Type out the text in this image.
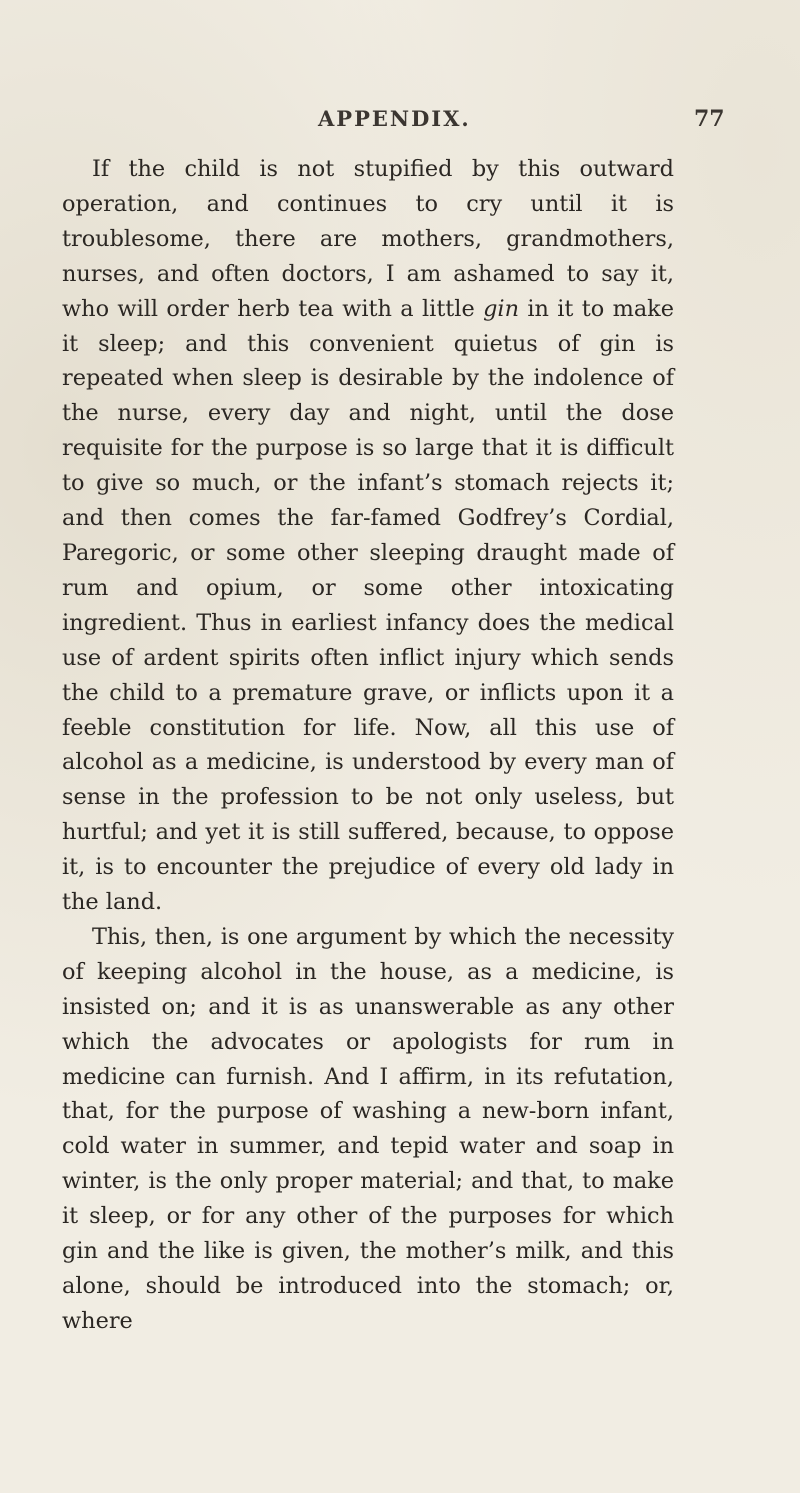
APPENDIX.	77

If the child is not stupified by this outward operation, and continues to cry until it is troublesome, there are mothers, grandmothers, nurses, and often doctors, I am ashamed to say it, who will order herb tea with a little gin in it to make it sleep; and this convenient quietus of gin is repeated when sleep is desirable by the indolence of the nurse, every day and night, until the dose requisite for the purpose is so large that it is difficult to give so much, or the infant’s stomach rejects it; and then comes the far-famed Godfrey’s Cordial, Paregoric, or some other sleeping draught made of rum and opium, or some other intoxicating ingredient. Thus in earliest infancy does the medical use of ardent spirits often inflict injury which sends the child to a premature grave, or inflicts upon it a feeble constitution for life. Now, all this use of alcohol as a medicine, is understood by every man of sense in the profession to be not only useless, but hurtful; and yet it is still suffered, because, to oppose it, is to encounter the prejudice of every old lady in the land.

This, then, is one argument by which the necessity of keeping alcohol in the house, as a medicine, is insisted on; and it is as unanswerable as any other which the advocates or apologists for rum in medicine can furnish. And I affirm, in its refutation, that, for the purpose of washing a new-born infant, cold water in summer, and tepid water and soap in winter, is the only proper material; and that, to make it sleep, or for any other of the purposes for which gin and the like is given, the mother’s milk, and this alone, should be introduced into the stomach; or, where
